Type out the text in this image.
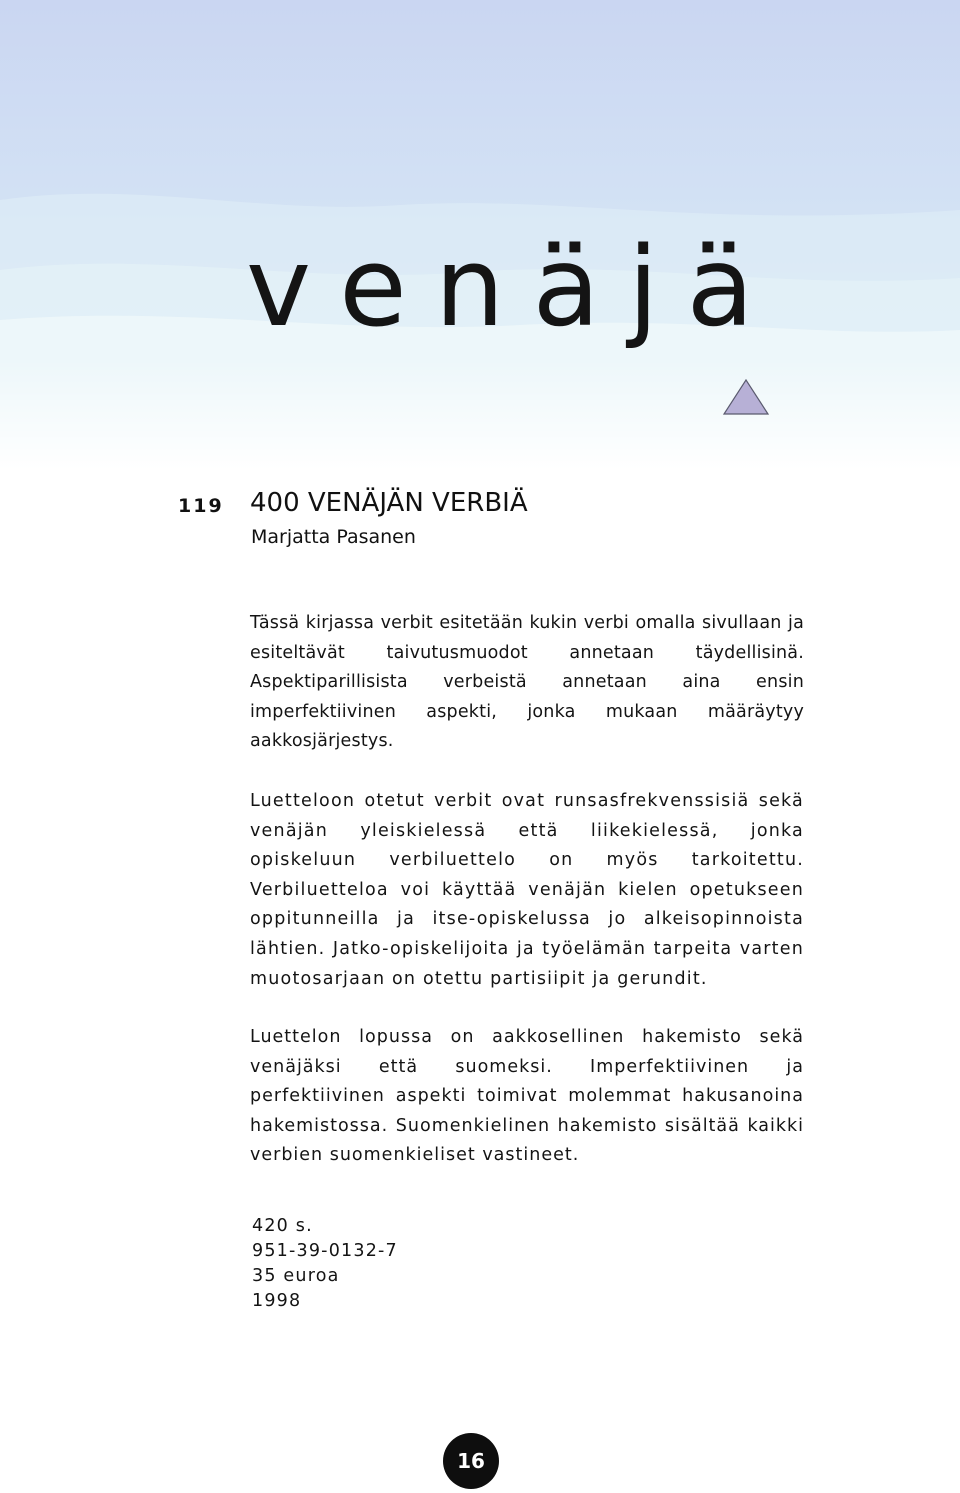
venäjä
119 400 VENÄJÄN VERBIÄ
Marjatta Pasanen

Tässä kirjassa verbit esitetään kukin verbi omalla sivullaan ja esiteltävät taivutusmuodot annetaan täydellisinä. Aspektiparillisista verbeistä annetaan aina ensin imperfektiivinen aspekti, jonka mukaan määräytyy aakkosjärjestys.

Luetteloon otetut verbit ovat runsasfrekvenssisiä sekä venäjän yleiskielessä että liikekielessä, jonka opiskeluun verbiluettelo on myös tarkoitettu. Verbiluetteloa voi käyttää venäjän kielen opetukseen oppitunneilla ja itse-opiskelussa jo alkeisopinnoista lähtien. Jatko-opiskelijoita ja työelämän tarpeita varten muotosarjaan on otettu partisiipit ja gerundit.

Luettelon lopussa on aakkosellinen hakemisto sekä venäjäksi että suomeksi. Imperfektiivinen ja perfektiivinen aspekti toimivat molemmat hakusanoina hakemistossa. Suomenkielinen hakemisto sisältää kaikki verbien suomenkieliset vastineet.

420 s.
951-39-0132-7
35 euroa
1998
16
